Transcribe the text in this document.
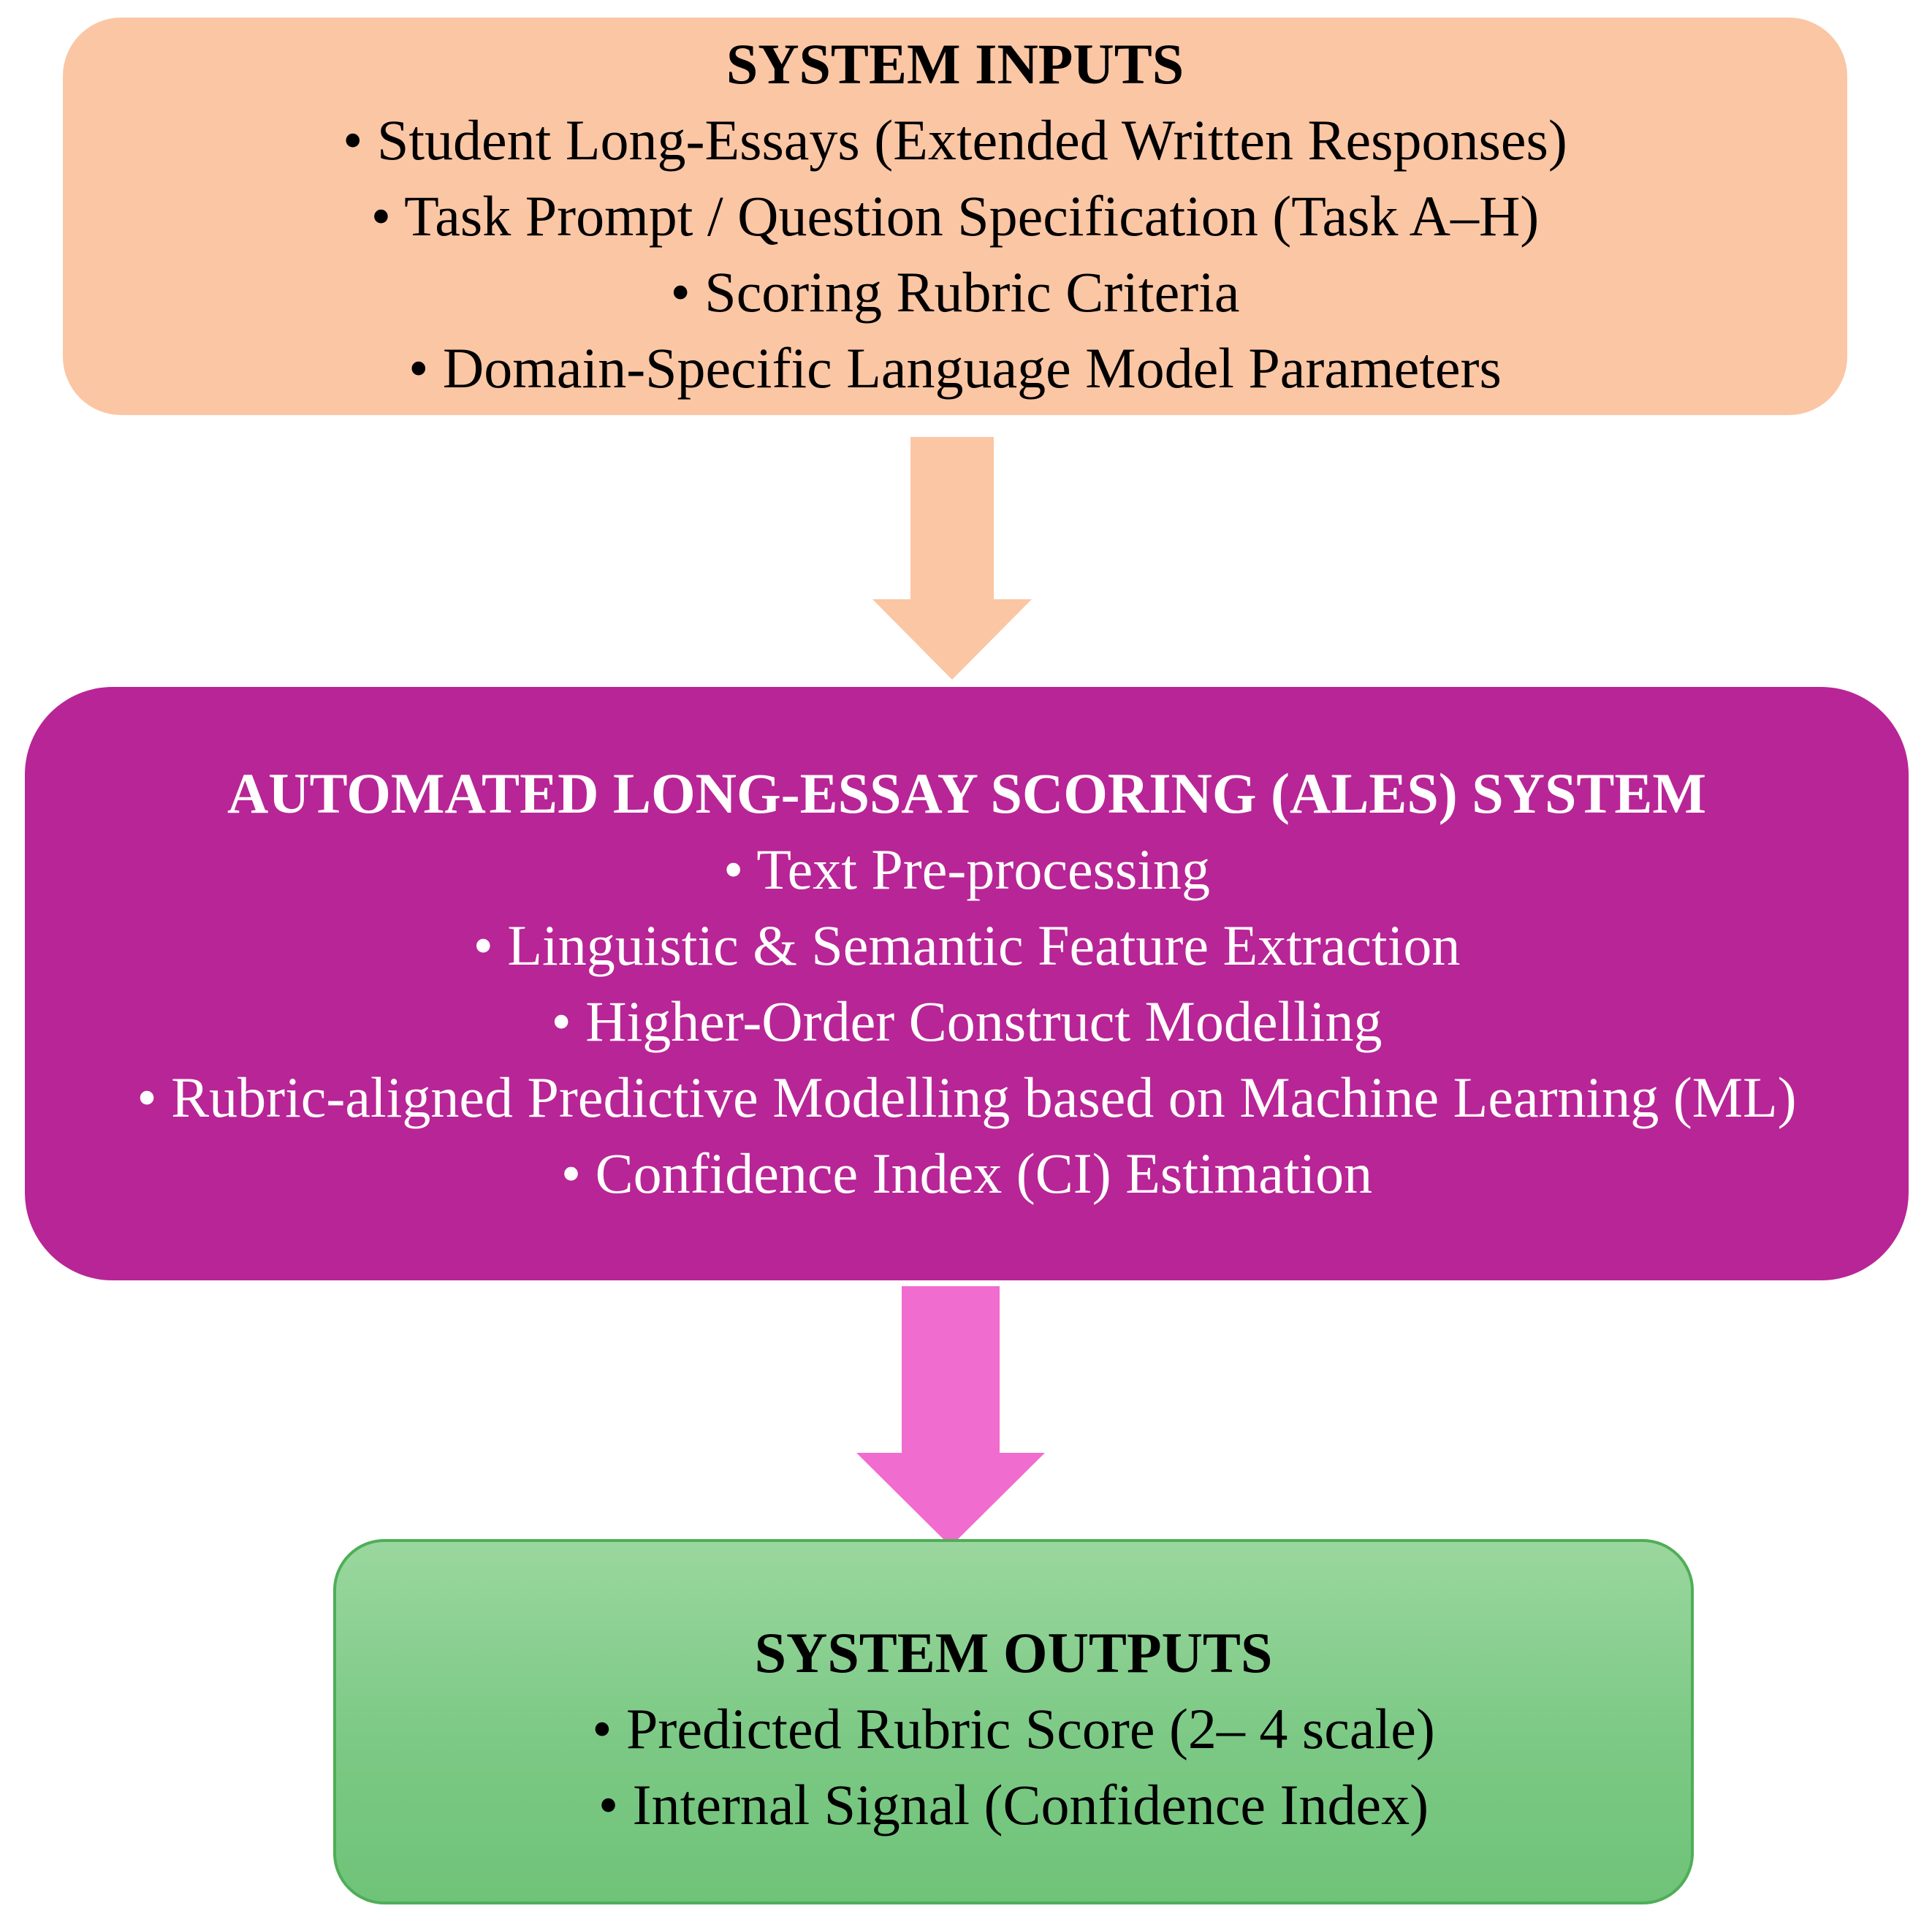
SYSTEM INPUTS
• Student Long-Essays (Extended Written Responses)
• Task Prompt / Question Specification (Task A–H)
• Scoring Rubric Criteria
• Domain-Specific Language Model Parameters
AUTOMATED LONG-ESSAY SCORING (ALES) SYSTEM
• Text Pre-processing
• Linguistic & Semantic Feature Extraction
• Higher-Order Construct Modelling
• Rubric-aligned Predictive Modelling based on Machine Learning (ML)
• Confidence Index (CI) Estimation
SYSTEM OUTPUTS
• Predicted Rubric Score (2– 4 scale)
• Internal Signal (Confidence Index)
